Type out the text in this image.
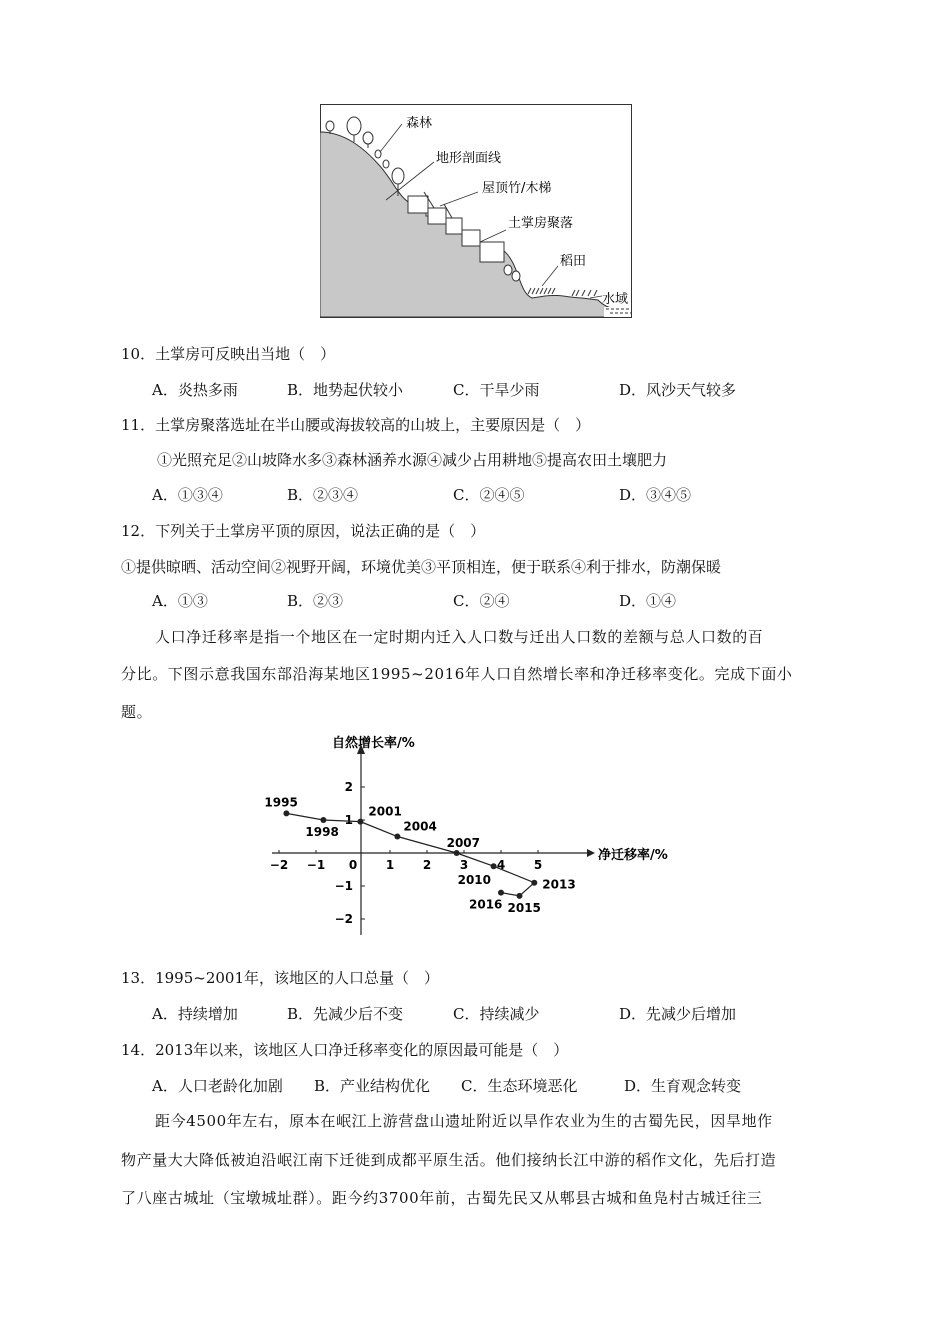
森林
地形剖面线
屋顶竹/木梯
土掌房聚落
稻田
水域
10．土掌房可反映出当地（　）
A．炎热多雨	B．地势起伏较小	C．干旱少雨	D．风沙天气较多
11．土掌房聚落选址在半山腰或海拔较高的山坡上，主要原因是（　）
①光照充足②山坡降水多③森林涵养水源④减少占用耕地⑤提高农田土壤肥力
A．①③④	B．②③④	C．②④⑤	D．③④⑤
12．下列关于土掌房平顶的原因，说法正确的是（　）
①提供晾晒、活动空间②视野开阔，环境优美③平顶相连，便于联系④利于排水，防潮保暖
A．①③	B．②③	C．②④	D．①④
人口净迁移率是指一个地区在一定时期内迁入人口数与迁出人口数的差额与总人口数的百
分比。下图示意我国东部沿海某地区1995~2016年人口自然增长率和净迁移率变化。完成下面小
题。
自然增长率/%
净迁移率/%
−2 −1 0 1 2 3 4 5
2
1
−1
−2
1995
1998
2001
2004
2007
2010	2013
2015
2016
13．1995~2001年，该地区的人口总量（　）
A．持续增加	B．先减少后不变	C．持续减少	D．先减少后增加
14．2013年以来，该地区人口净迁移率变化的原因最可能是（　）
A．人口老龄化加剧 B．产业结构优化 C．生态环境恶化	D．生育观念转变
距今4500年左右，原本在岷江上游营盘山遗址附近以旱作农业为生的古蜀先民，因旱地作
物产量大大降低被迫沿岷江南下迁徙到成都平原生活。他们接纳长江中游的稻作文化，先后打造
了八座古城址（宝墩城址群）。距今约3700年前，古蜀先民又从郫县古城和鱼凫村古城迁往三
